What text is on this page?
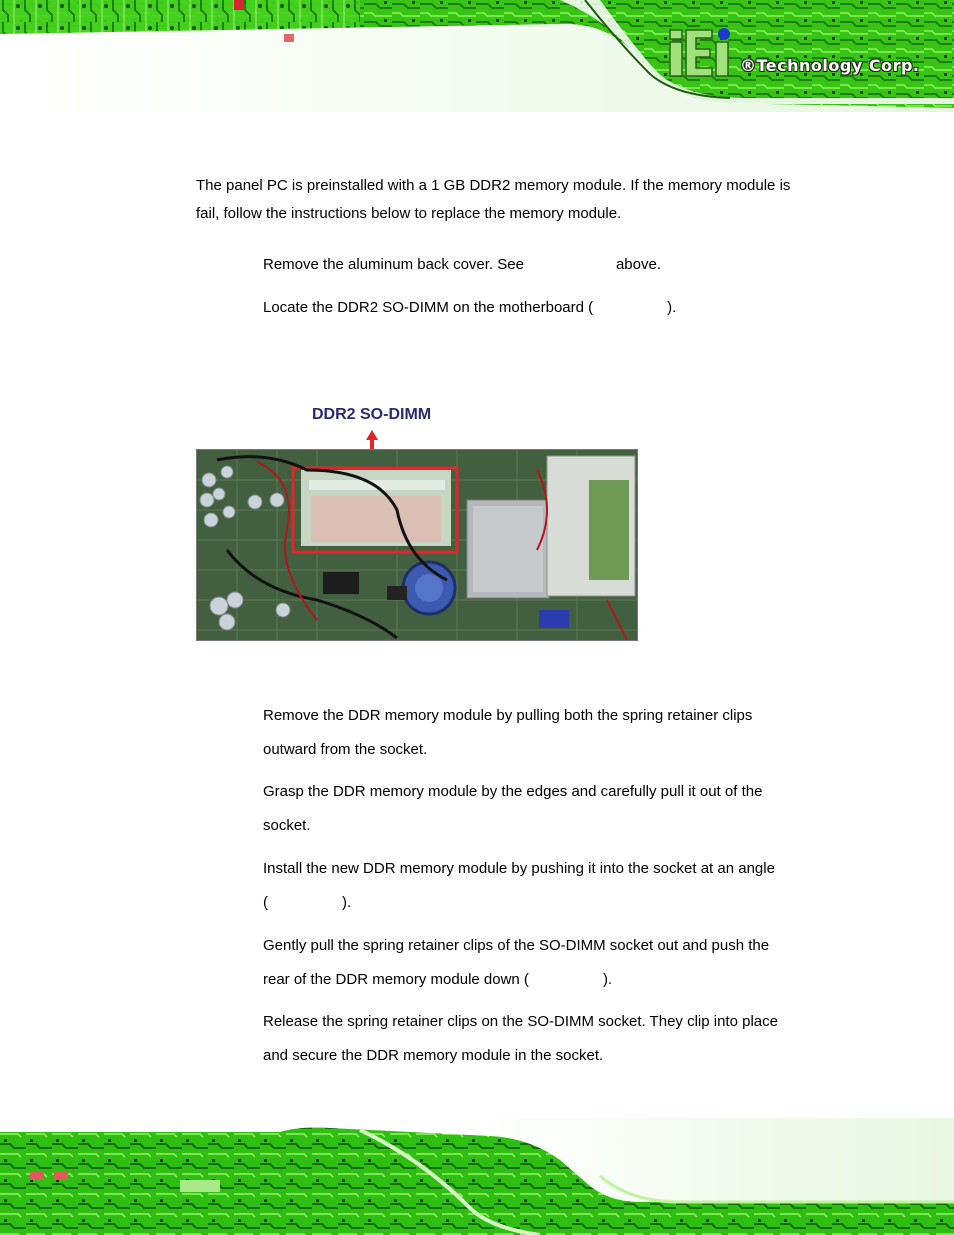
®Technology Corp.

The panel PC is preinstalled with a 1 GB DDR2 memory module. If the memory module is
fail, follow the instructions below to replace the memory module.

Remove the aluminum back cover. See	above.

Locate the DDR2 SO-DIMM on the motherboard (	).

DDR2 SO-DIMM

Remove the DDR memory module by pulling both the spring retainer clips
outward from the socket.

Grasp the DDR memory module by the edges and carefully pull it out of the
socket.

Install the new DDR memory module by pushing it into the socket at an angle
(	).

Gently pull the spring retainer clips of the SO-DIMM socket out and push the
rear of the DDR memory module down (	).

Release the spring retainer clips on the SO-DIMM socket. They clip into place
and secure the DDR memory module in the socket.
